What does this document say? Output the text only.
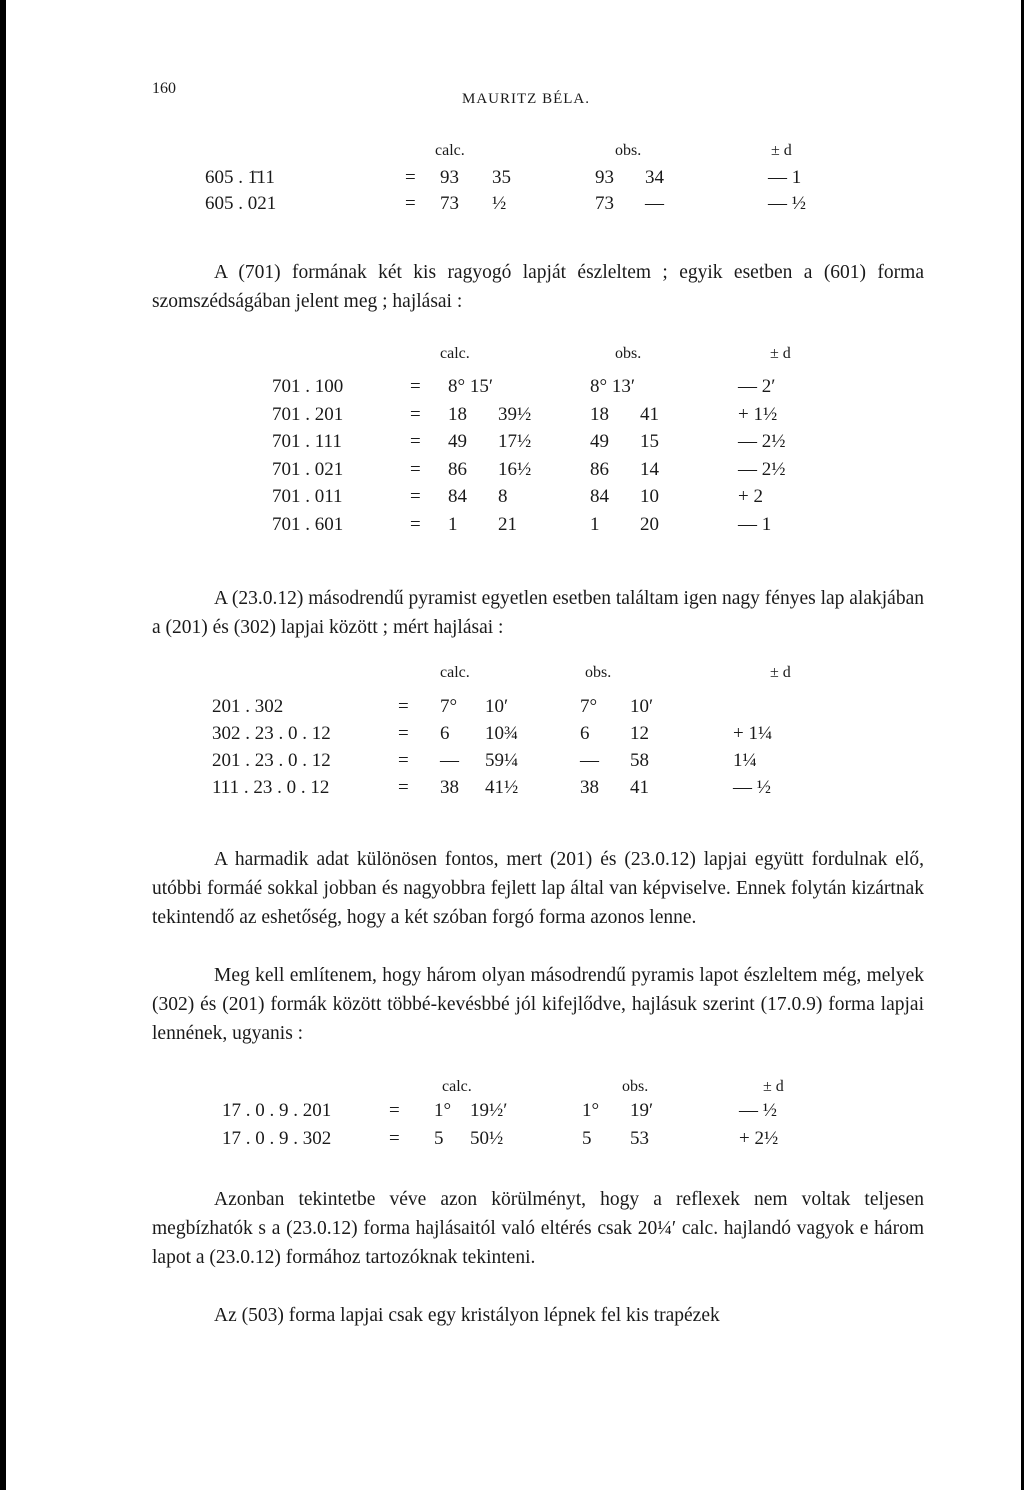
160
MAURITZ BÉLA.
calc.	obs.	± d
605 . 1̄11	= 93 35	93 34	— 1
605 . 021	= 73 ½	73 —	— ½
A (701) formának két kis ragyogó lapját észleltem ; egyik esetben a (601) forma szomszédságában jelent meg ; hajlásai :
calc.	obs.	± d
701 . 100	= 8° 15′	8° 13′	— 2′
701 . 201	= 18 39½	18 41	+ 1½
701 . 111	= 49 17½	49 15	— 2½
701 . 021	= 86 16½	86 14	— 2½
701 . 011	= 84 8	84 10	+ 2
701 . 601	= 1 21	1 20	— 1
A (23.0.12) másodrendű pyramist egyetlen esetben találtam igen nagy fényes lap alakjában a (201) és (302) lapjai között ; mért hajlásai :
calc.	obs.	± d
201 . 302	= 7° 10′	7° 10′
302 . 23 . 0 . 12	= 6 10¾	6 12	+ 1¼
201 . 23 . 0 . 12	= — 59¼	— 58	1¼
111 . 23 . 0 . 12	= 38 41½	38 41	— ½
A harmadik adat különösen fontos, mert (201) és (23.0.12) lapjai együtt fordulnak elő, utóbbi formáé sokkal jobban és nagyobbra fejlett lap által van képviselve. Ennek folytán kizártnak tekintendő az eshetőség, hogy a két szóban forgó forma azonos lenne.
Meg kell említenem, hogy három olyan másodrendű pyramis lapot észleltem még, melyek (302) és (201) formák között többé-kevésbbé jól kifejlődve, hajlásuk szerint (17.0.9) forma lapjai lennének, ugyanis :
calc.	obs.	± d
17 . 0 . 9 . 201	= 1° 19½′	1° 19′	— ½
17 . 0 . 9 . 302	= 5 50½	5 53	+ 2½
Azonban tekintetbe véve azon körülményt, hogy a reflexek nem voltak teljesen megbízhatók s a (23.0.12) forma hajlásaitól való eltérés csak 20¼′ calc. hajlandó vagyok e három lapot a (23.0.12) formához tartozóknak tekinteni.
Az (503) forma lapjai csak egy kristályon lépnek fel kis trapézek
